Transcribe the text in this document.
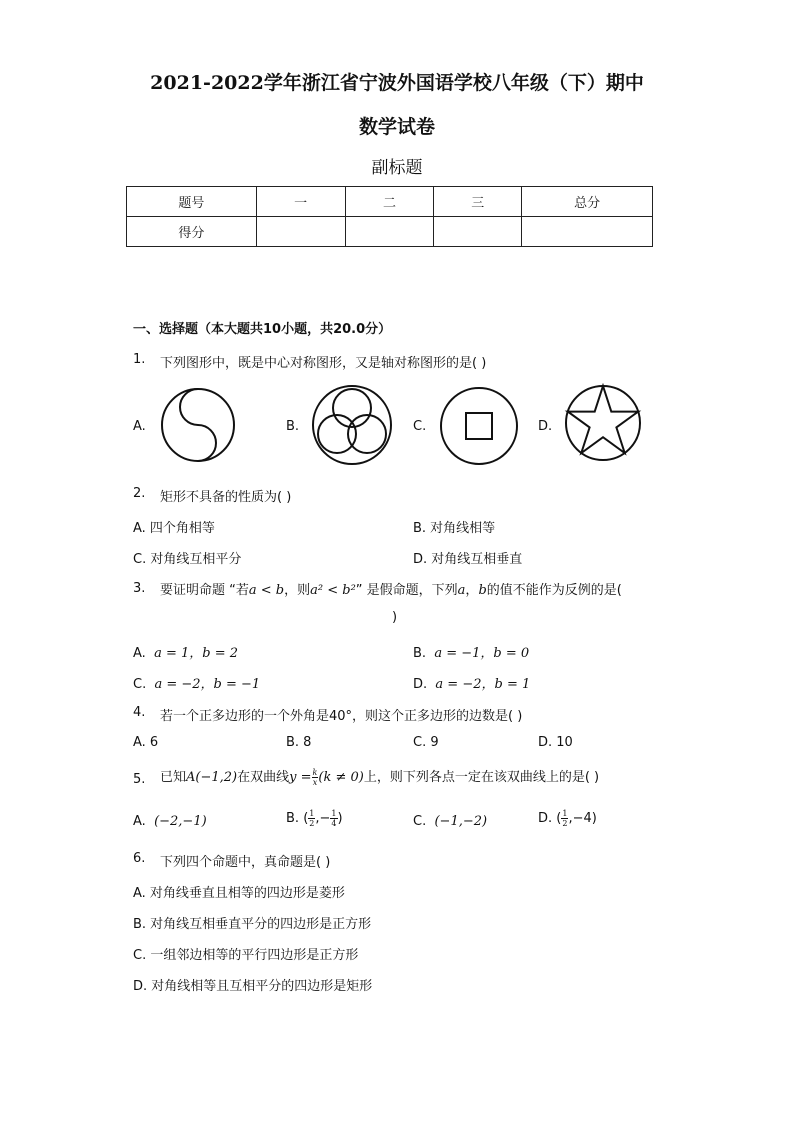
2021-2022学年浙江省宁波外国语学校八年级（下）期中
数学试卷
副标题
题号	一	二	三	总分
得分				
一、选择题（本大题共10小题，共20.0分）
1. 下列图形中，既是中心对称图形，又是轴对称图形的是( )
A.	B.	C.	D.
2. 矩形不具备的性质为( )
A. 四个角相等	B. 对角线相等
C. 对角线互相平分	D. 对角线互相垂直
3. 要证明命题 “若a < b，则a² < b²” 是假命题，下列a，b的值不能作为反例的是(
)
A. a = 1，b = 2	B. a = −1，b = 0
C. a = −2，b = −1	D. a = −2，b = 1
4. 若一个正多边形的一个外角是40°，则这个正多边形的边数是( )
A. 6	B. 8	C. 9	D. 10
5. 已知A(−1,2)在双曲线$y = \frac{k}{x} (k \ne 0)$上，则下列各点一定在该双曲线上的是( )
A. (−2,−1)	B. ( $\frac{1}{2}$ ,− $\frac{1}{4}$ )	C. (−1,−2)	D. ( $\frac{1}{2} ,-4$)
6. 下列四个命题中，真命题是( )
A. 对角线垂直且相等的四边形是菱形
B. 对角线互相垂直平分的四边形是正方形
C. 一组邻边相等的平行四边形是正方形
D. 对角线相等且互相平分的四边形是矩形
